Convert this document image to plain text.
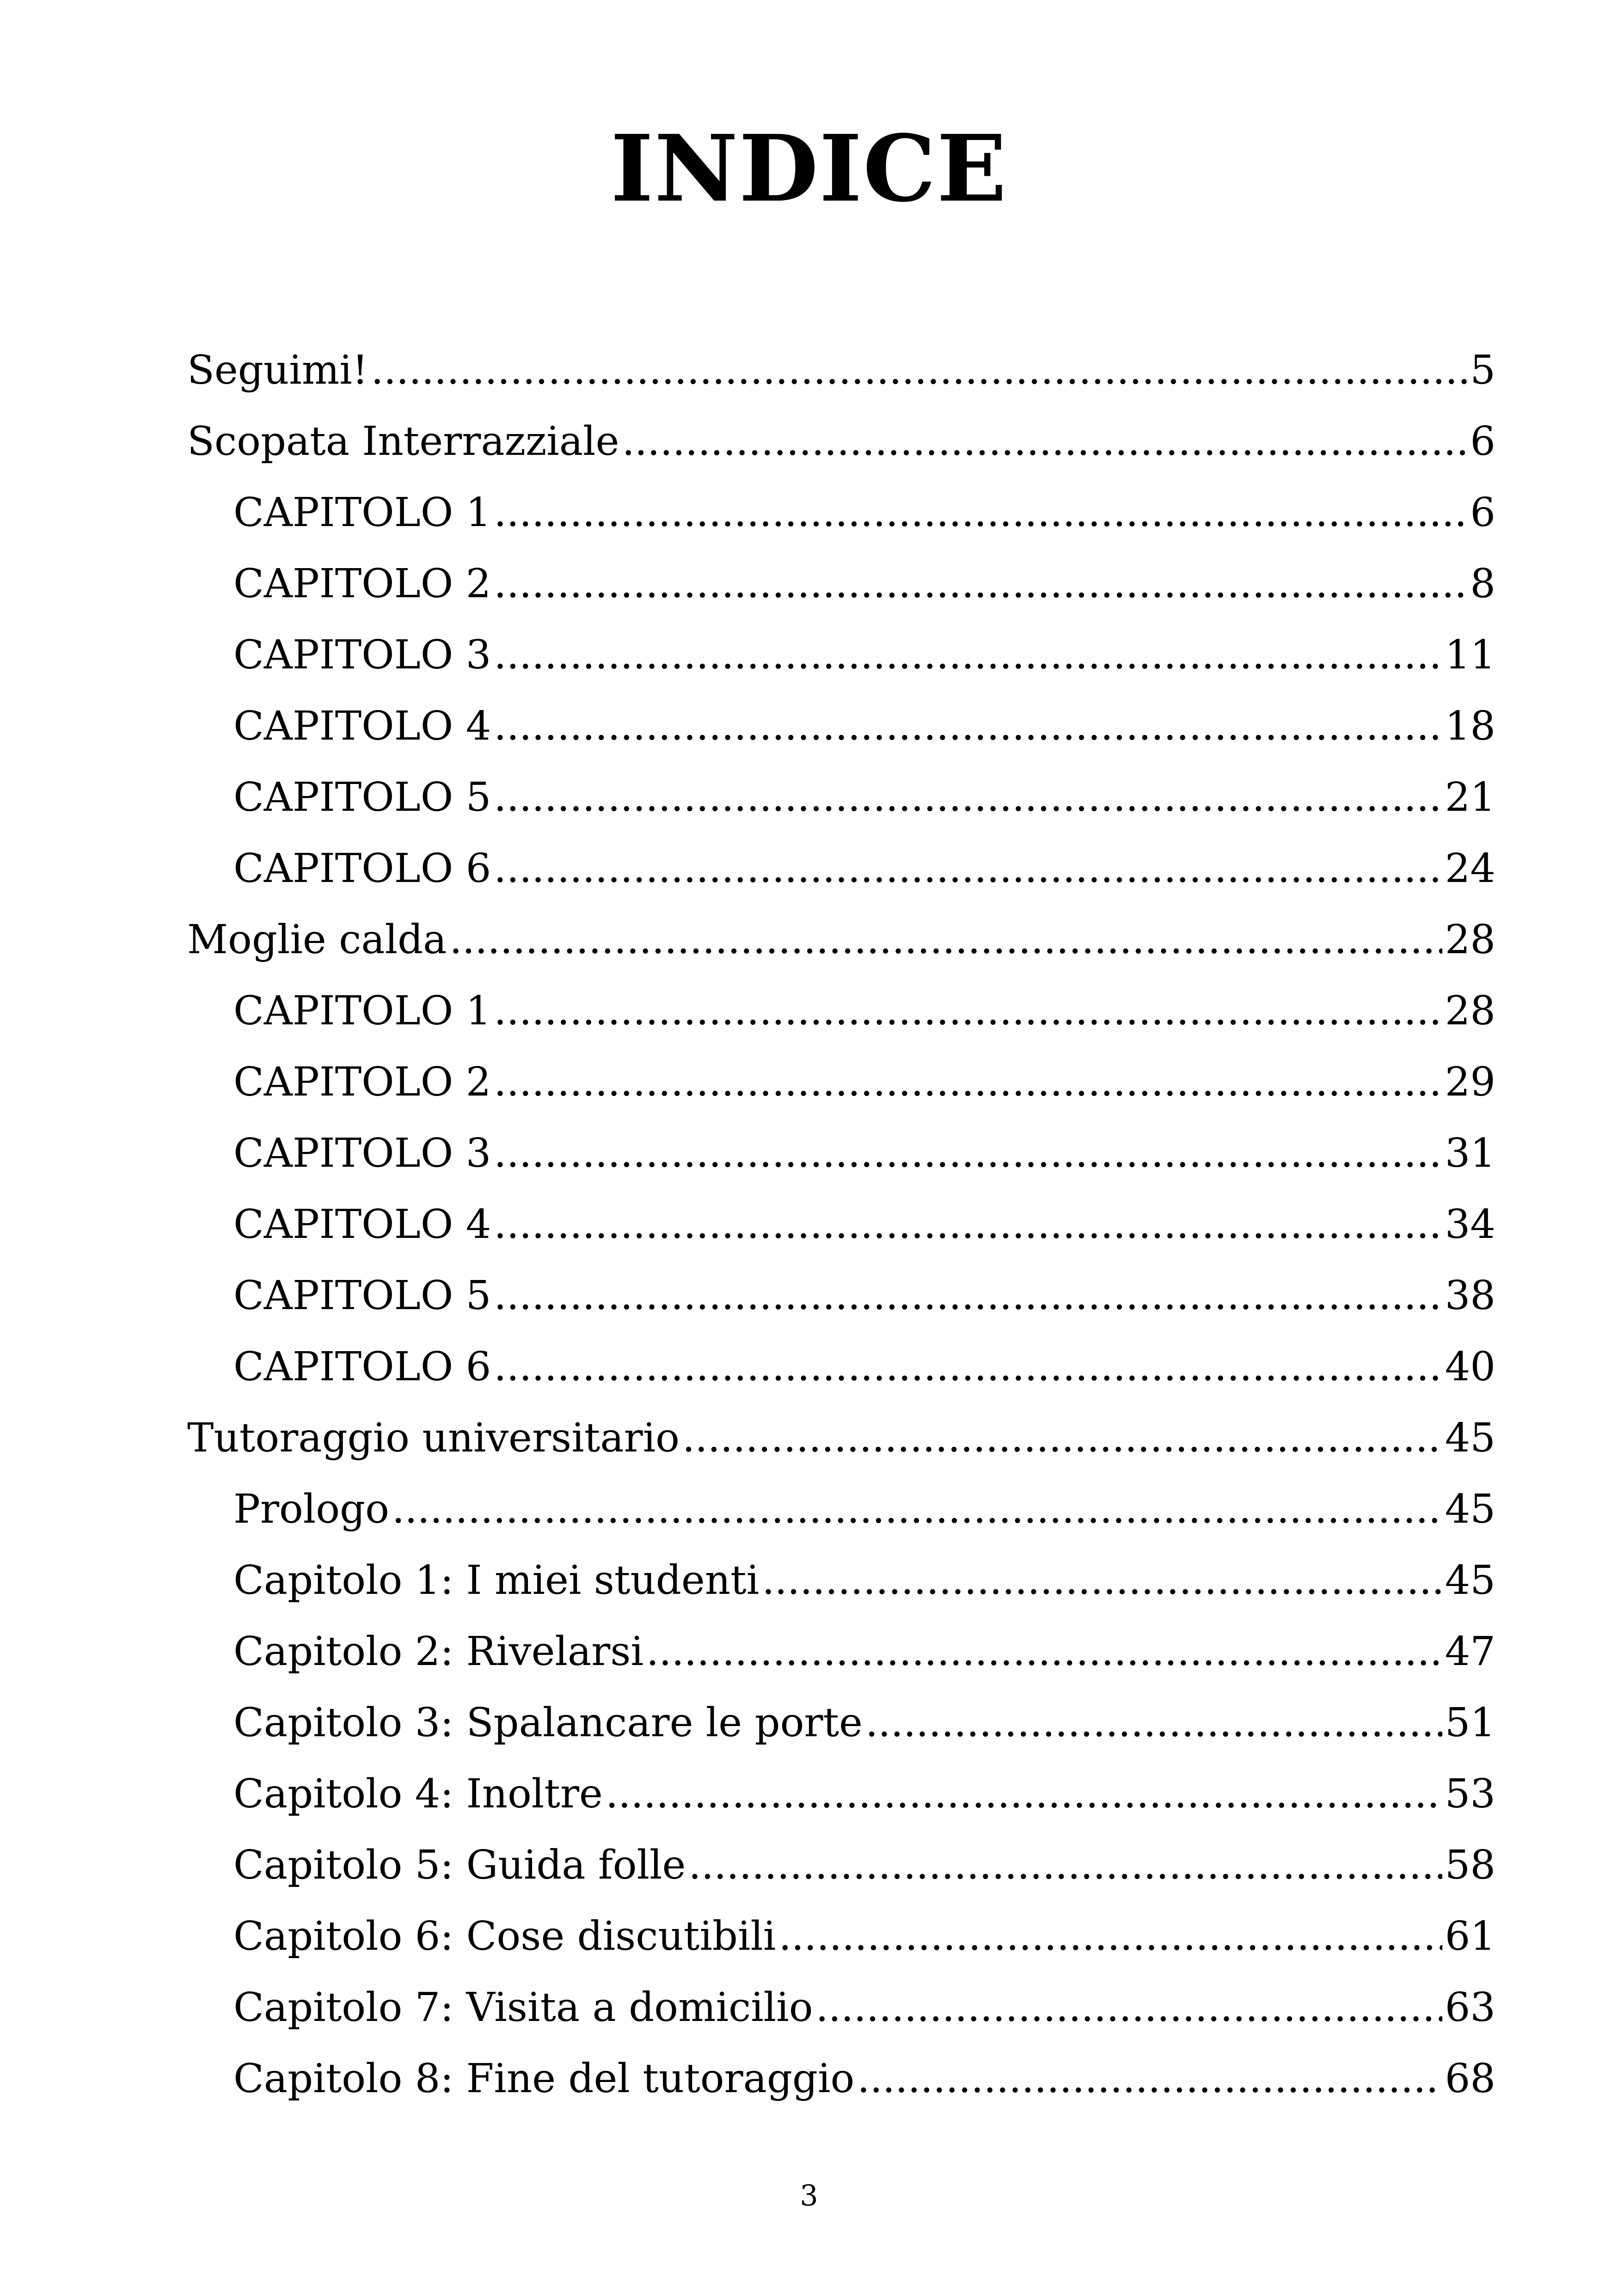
INDICE
Seguimi! .....	5
Scopata Interrazziale .....	6
CAPITOLO 1 .....	6
CAPITOLO 2 .....	8
CAPITOLO 3 .....	11
CAPITOLO 4 .....	18
CAPITOLO 5 .....	21
CAPITOLO 6 .....	24
Moglie calda .....	28
CAPITOLO 1 .....	28
CAPITOLO 2 .....	29
CAPITOLO 3 .....	31
CAPITOLO 4 .....	34
CAPITOLO 5 .....	38
CAPITOLO 6 .....	40
Tutoraggio universitario .....	45
Prologo .....	45
Capitolo 1: I miei studenti .....	45
Capitolo 2: Rivelarsi .....	47
Capitolo 3: Spalancare le porte .....	51
Capitolo 4: Inoltre .....	53
Capitolo 5: Guida folle .....	58
Capitolo 6: Cose discutibili .....	61
Capitolo 7: Visita a domicilio .....	63
Capitolo 8: Fine del tutoraggio .....	68
3
